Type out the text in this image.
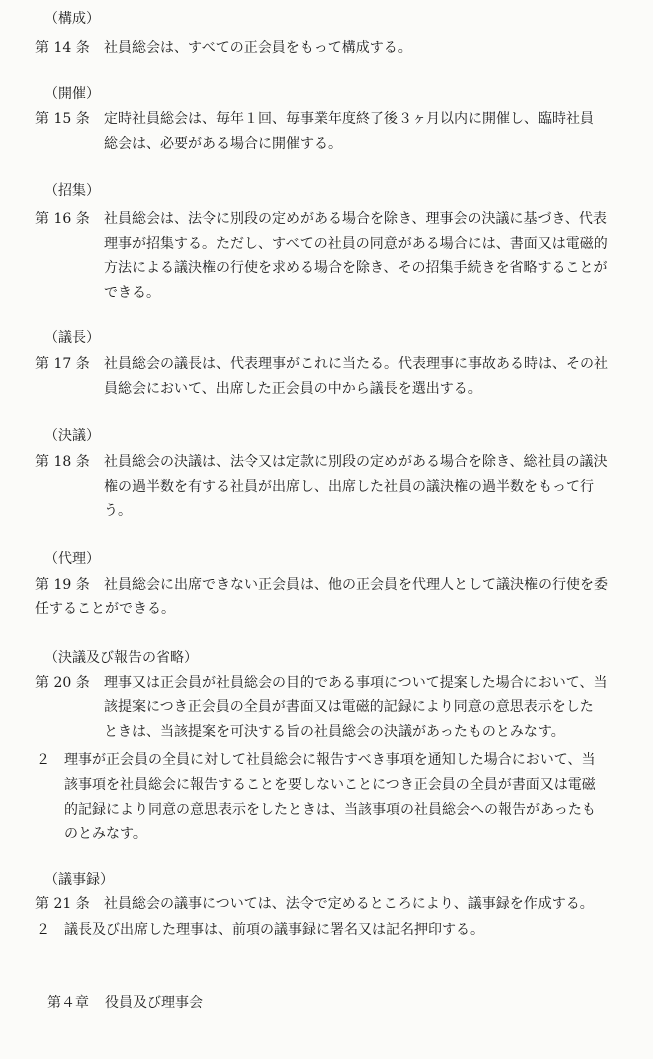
（構成）
第 14 条 社員総会は、すべての正会員をもって構成する。
（開催）
第 15 条 定時社員総会は、毎年１回、毎事業年度終了後３ヶ月以内に開催し、臨時社員
総会は、必要がある場合に開催する。
（招集）
第 16 条 社員総会は、法令に別段の定めがある場合を除き、理事会の決議に基づき、代表
理事が招集する。ただし、すべての社員の同意がある場合には、書面又は電磁的
方法による議決権の行使を求める場合を除き、その招集手続きを省略することが
できる。
（議長）
第 17 条 社員総会の議長は、代表理事がこれに当たる。代表理事に事故ある時は、その社
員総会において、出席した正会員の中から議長を選出する。
（決議）
第 18 条 社員総会の決議は、法令又は定款に別段の定めがある場合を除き、総社員の議決
権の過半数を有する社員が出席し、出席した社員の議決権の過半数をもって行
う。
（代理）
第 19 条 社員総会に出席できない正会員は、他の正会員を代理人として議決権の行使を委
任することができる。
（決議及び報告の省略）
第 20 条 理事又は正会員が社員総会の目的である事項について提案した場合において、当
該提案につき正会員の全員が書面又は電磁的記録により同意の意思表示をした
ときは、当該提案を可決する旨の社員総会の決議があったものとみなす。
２ 理事が正会員の全員に対して社員総会に報告すべき事項を通知した場合において、当
該事項を社員総会に報告することを要しないことにつき正会員の全員が書面又は電磁
的記録により同意の意思表示をしたときは、当該事項の社員総会への報告があったも
のとみなす。
（議事録）
第 21 条 社員総会の議事については、法令で定めるところにより、議事録を作成する。
２ 議長及び出席した理事は、前項の議事録に署名又は記名押印する。
第４章 役員及び理事会
